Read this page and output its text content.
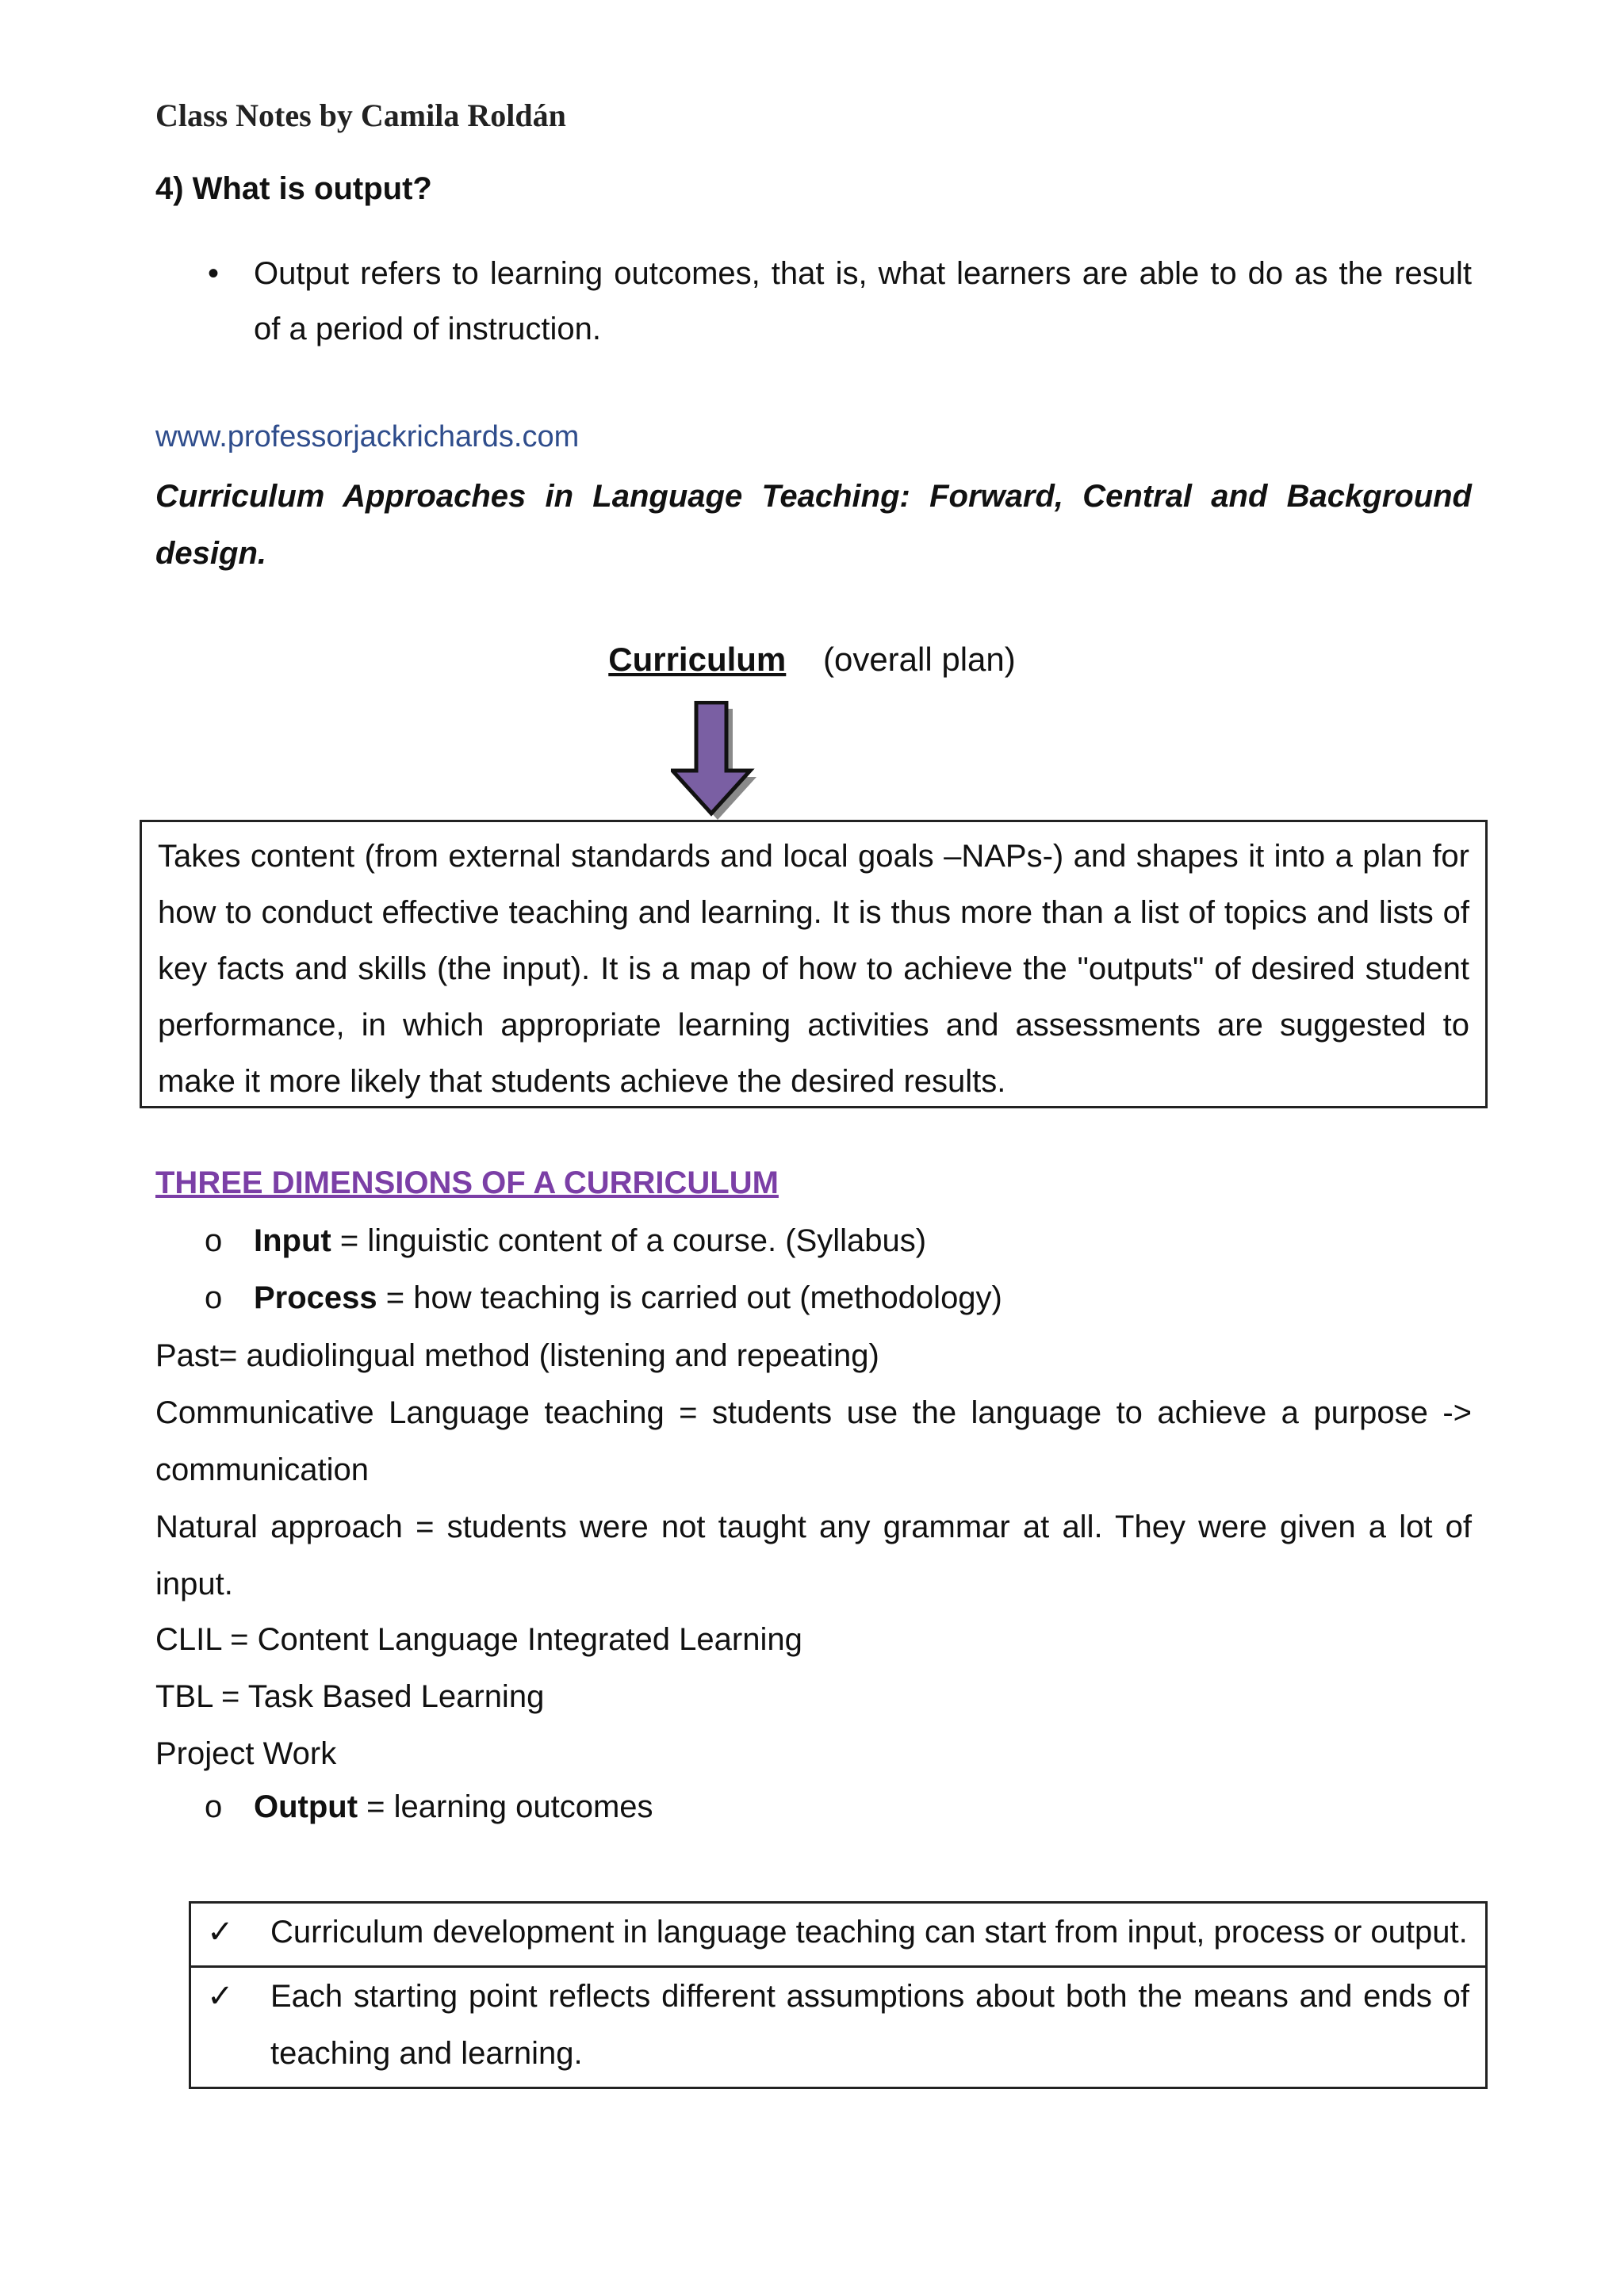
Class Notes by Camila Roldán
4) What is output?
• Output refers to learning outcomes, that is, what learners are able to do as the result of a period of instruction.
www.professorjackrichards.com
Curriculum Approaches in Language Teaching: Forward, Central and Background design.
Curriculum (overall plan)
Takes content (from external standards and local goals –NAPs-) and shapes it into a plan for how to conduct effective teaching and learning. It is thus more than a list of topics and lists of key facts and skills (the input). It is a map of how to achieve the "outputs" of desired student performance, in which appropriate learning activities and assessments are suggested to make it more likely that students achieve the desired results.
THREE DIMENSIONS OF A CURRICULUM
o Input = linguistic content of a course. (Syllabus)
o Process = how teaching is carried out (methodology)
Past= audiolingual method (listening and repeating)
Communicative Language teaching = students use the language to achieve a purpose -> communication
Natural approach = students were not taught any grammar at all. They were given a lot of input.
CLIL = Content Language Integrated Learning
TBL = Task Based Learning
Project Work
o Output = learning outcomes
✓ Curriculum development in language teaching can start from input, process or output.
✓ Each starting point reflects different assumptions about both the means and ends of teaching and learning.
